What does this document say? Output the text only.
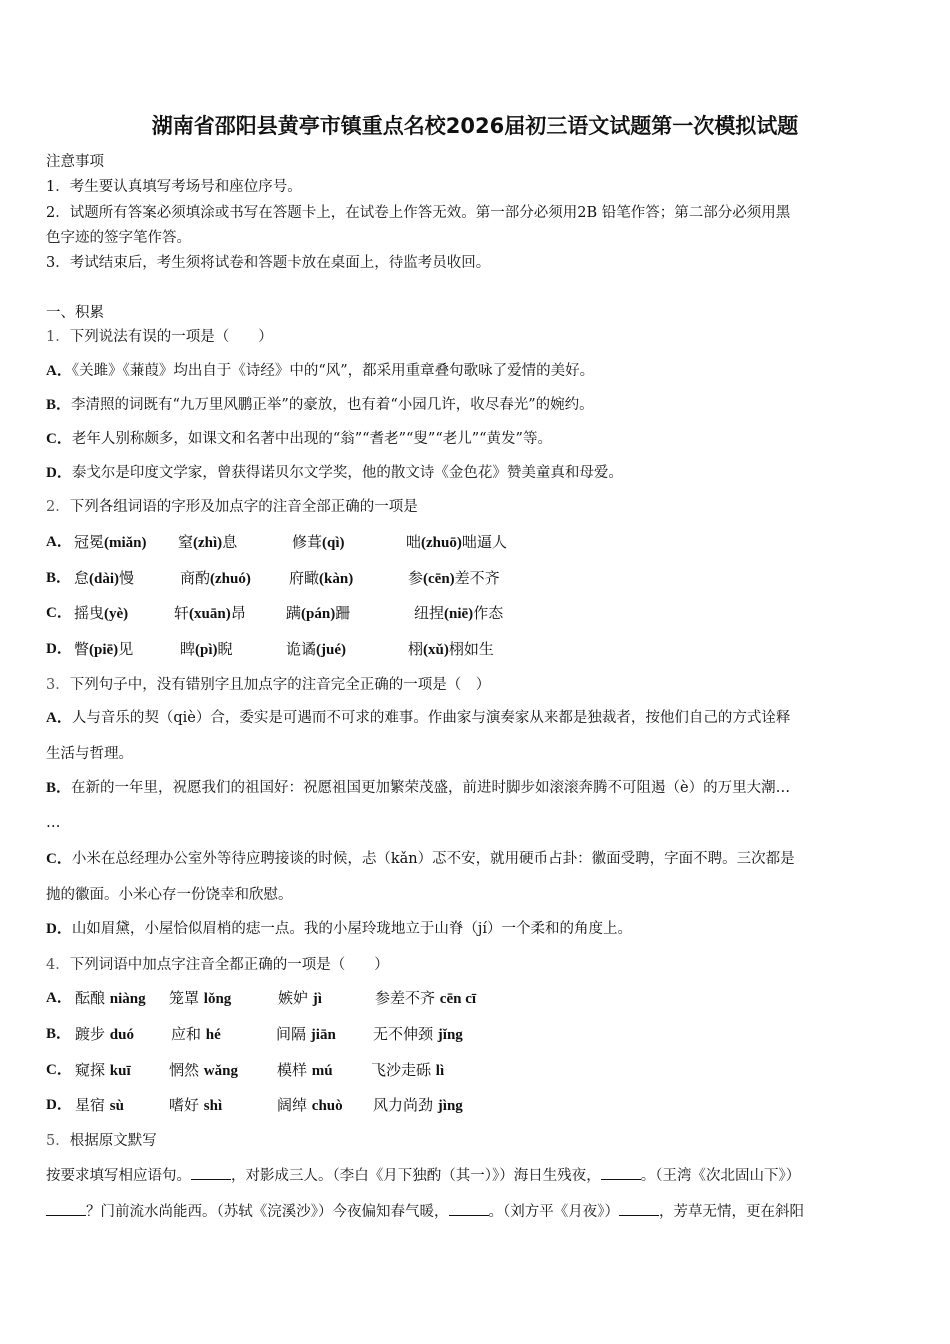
湖南省邵阳县黄亭市镇重点名校2026届初三语文试题第一次模拟试题
注意事项
1．考生要认真填写考场号和座位序号。
2．试题所有答案必须填涂或书写在答题卡上，在试卷上作答无效。第一部分必须用2B 铅笔作答；第二部分必须用黑
色字迹的签字笔作答。
3．考试结束后，考生须将试卷和答题卡放在桌面上，待监考员收回。
一、积累
1．下列说法有误的一项是（　　）
A．《关雎》《蒹葭》均出自于《诗经》中的“风”，都采用重章叠句歌咏了爱情的美好。
B．李清照的词既有“九万里风鹏正举”的豪放，也有着“小园几许，收尽春光”的婉约。
C．老年人别称颇多，如课文和名著中出现的“翁”“耆老”“叟”“老儿”“黄发”等。
D．泰戈尔是印度文学家，曾获得诺贝尔文学奖，他的散文诗《金色花》赞美童真和母爱。
2．下列各组词语的字形及加点字的注音全部正确的一项是
A． 冠冕(miǎn) 窒(zhì)息	修葺(qì)	咄(zhuō)咄逼人
B． 怠(dài)慢	商酌(zhuó)	府瞰(kàn)	参(cēn)差不齐
C． 摇曳(yè)	轩(xuān)昂	蹒(pán)跚	纽捏(niē)作态
D． 瞥(piē)见	睥(pì)睨	诡谲(jué)	栩(xǔ)栩如生
3．下列句子中，没有错别字且加点字的注音完全正确的一项是（　）
A．人与音乐的契（qiè）合，委实是可遇而不可求的难事。作曲家与演奏家从来都是独裁者，按他们自己的方式诠释
生活与哲理。
B．在新的一年里，祝愿我们的祖国好：祝愿祖国更加繁荣茂盛，前进时脚步如滚滚奔腾不可阻遏（è）的万里大潮…
…
C．小米在总经理办公室外等待应聘接谈的时候，忐（kǎn）忑不安，就用硬币占卦：徽面受聘，字面不聘。三次都是
抛的徽面。小米心存一份饶幸和欣慰。
D．山如眉黛，小屋恰似眉梢的痣一点。我的小屋玲珑地立于山脊（jí）一个柔和的角度上。
4．下列词语中加点字注音全都正确的一项是（　　）
A． 酝酿 niàng 笼罩 lǒng	嫉妒 jì	参差不齐 cēn cī
B． 踱步 duó 应和 hé	间隔 jiān 无不伸颈 jǐng
C． 窥探 kuī	惘然 wǎng	模样 mú	飞沙走砾 lì
D． 星宿 sù	嗜好 shì	阔绰 chuò 风力尚劲 jìng
5．根据原文默写
按要求填写相应语句。	，对影成三人。（李白《月下独酌（其一）》）海日生残夜，	。（王湾《次北固山下》）
？门前流水尚能西。（苏轼《浣溪沙》）今夜偏知春气暖，	。（刘方平《月夜》）	，芳草无情，更在斜阳
